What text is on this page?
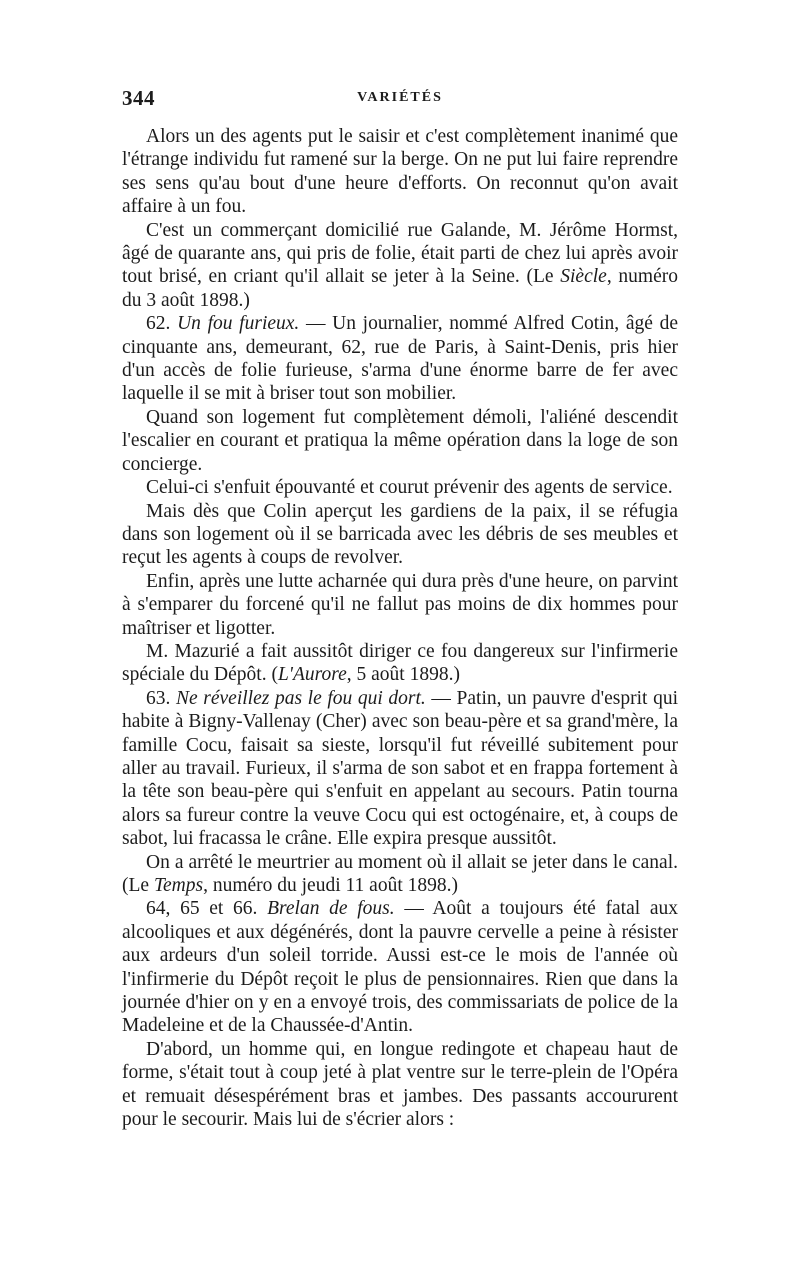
344	VARIÉTÉS

Alors un des agents put le saisir et c'est complètement inanimé que l'étrange individu fut ramené sur la berge. On ne put lui faire reprendre ses sens qu'au bout d'une heure d'efforts. On reconnut qu'on avait affaire à un fou.

C'est un commerçant domicilié rue Galande, M. Jérôme Hormst, âgé de quarante ans, qui pris de folie, était parti de chez lui après avoir tout brisé, en criant qu'il allait se jeter à la Seine. (Le Siècle, numéro du 3 août 1898.)

62. Un fou furieux. — Un journalier, nommé Alfred Cotin, âgé de cinquante ans, demeurant, 62, rue de Paris, à Saint-Denis, pris hier d'un accès de folie furieuse, s'arma d'une énorme barre de fer avec laquelle il se mit à briser tout son mobilier.

Quand son logement fut complètement démoli, l'aliéné descendit l'escalier en courant et pratiqua la même opération dans la loge de son concierge.

Celui-ci s'enfuit épouvanté et courut prévenir des agents de service.

Mais dès que Colin aperçut les gardiens de la paix, il se réfugia dans son logement où il se barricada avec les débris de ses meubles et reçut les agents à coups de revolver.

Enfin, après une lutte acharnée qui dura près d'une heure, on parvint à s'emparer du forcené qu'il ne fallut pas moins de dix hommes pour maîtriser et ligotter.

M. Mazurié a fait aussitôt diriger ce fou dangereux sur l'infirmerie spéciale du Dépôt. (L'Aurore, 5 août 1898.)

63. Ne réveillez pas le fou qui dort. — Patin, un pauvre d'esprit qui habite à Bigny-Vallenay (Cher) avec son beau-père et sa grand'mère, la famille Cocu, faisait sa sieste, lorsqu'il fut réveillé subitement pour aller au travail. Furieux, il s'arma de son sabot et en frappa fortement à la tête son beau-père qui s'enfuit en appelant au secours. Patin tourna alors sa fureur contre la veuve Cocu qui est octogénaire, et, à coups de sabot, lui fracassa le crâne. Elle expira presque aussitôt.

On a arrêté le meurtrier au moment où il allait se jeter dans le canal. (Le Temps, numéro du jeudi 11 août 1898.)

64, 65 et 66. Brelan de fous. — Août a toujours été fatal aux alcooliques et aux dégénérés, dont la pauvre cervelle a peine à résister aux ardeurs d'un soleil torride. Aussi est-ce le mois de l'année où l'infirmerie du Dépôt reçoit le plus de pensionnaires. Rien que dans la journée d'hier on y en a envoyé trois, des commissariats de police de la Madeleine et de la Chaussée-d'Antin.

D'abord, un homme qui, en longue redingote et chapeau haut de forme, s'était tout à coup jeté à plat ventre sur le terre-plein de l'Opéra et remuait désespérément bras et jambes. Des passants accoururent pour le secourir. Mais lui de s'écrier alors :
